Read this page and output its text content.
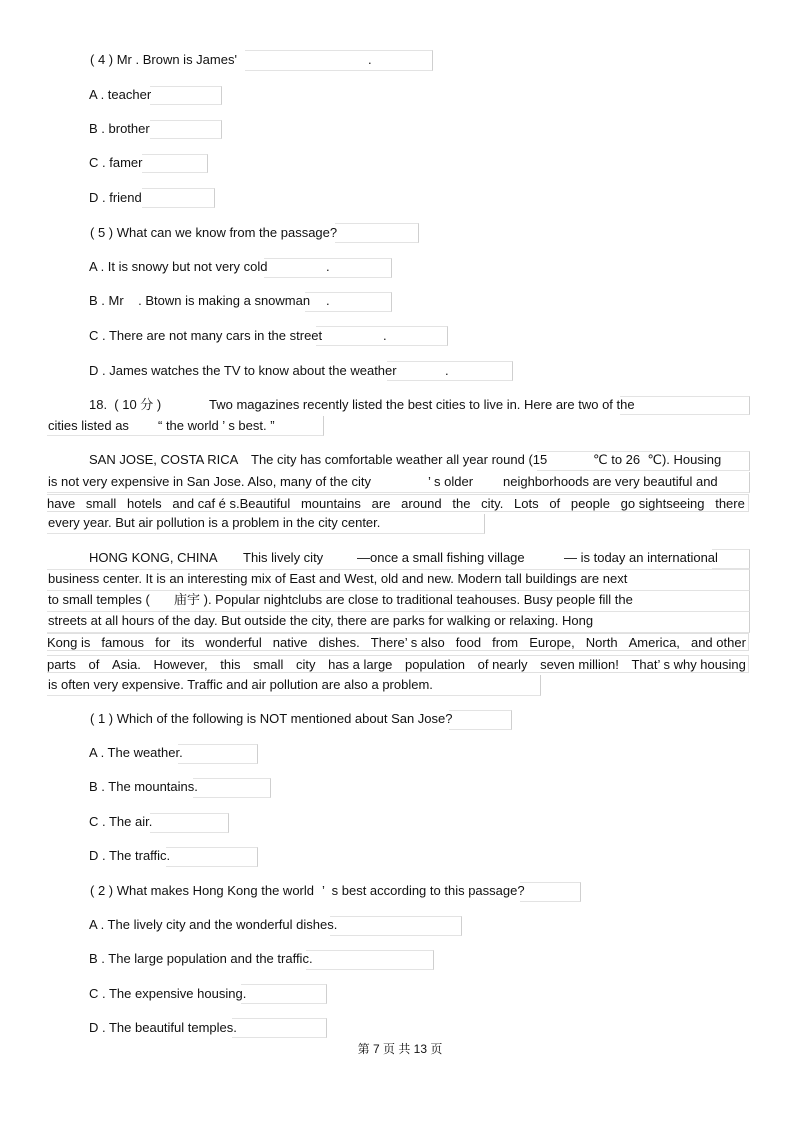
( 4 ) Mr . Brown is James'	.
A . teacher
B . brother
C . famer
D . friend
( 5 ) What can we know from the passage?
A . It is snowy but not very cold	.
B . Mr    . Btown is making a snowman .
C . There are not many cars in the street	.
D . James watches the TV to know about the weather	.
18.  ( 10 分 )	Two magazines recently listed the best cities to live in. Here are two of the
cities listed as “ the world ’ s best. ”
SAN JOSE, COSTA RICA The city has comfortable weather all year round (15	℃ to 26  ℃). Housing
is not very expensive in San Jose. Also, many of the city	’ s older neighborhoods are very beautiful and
have small hotels and caf é s.Beautiful mountains are around the city. Lots of people go sightseeing there
every year. But air pollution is a problem in the city center.
HONG KONG, CHINA This lively city	—once a small fishing village	— is today an international
business center. It is an interesting mix of East and West, old and new. Modern tall buildings are next
to small temples ( 庙宇 ). Popular nightclubs are close to traditional teahouses. Busy people fill the
streets at all hours of the day. But outside the city, there are parks for walking or relaxing. Hong
Kong is famous for its wonderful native dishes. There’ s also food from Europe, North America, and other
parts of Asia. However, this small city has a large population of nearly seven million! That’ s why housing
is often very expensive. Traffic and air pollution are also a problem.
( 1 ) Which of the following is NOT mentioned about San Jose?
A . The weather.
B . The mountains.
C . The air.
D . The traffic.
( 2 ) What makes Hong Kong the world ’  s best according to this passage?
A . The lively city and the wonderful dishes.
B . The large population and the traffic.
C . The expensive housing.
D . The beautiful temples.
第 7 页 共 13 页
